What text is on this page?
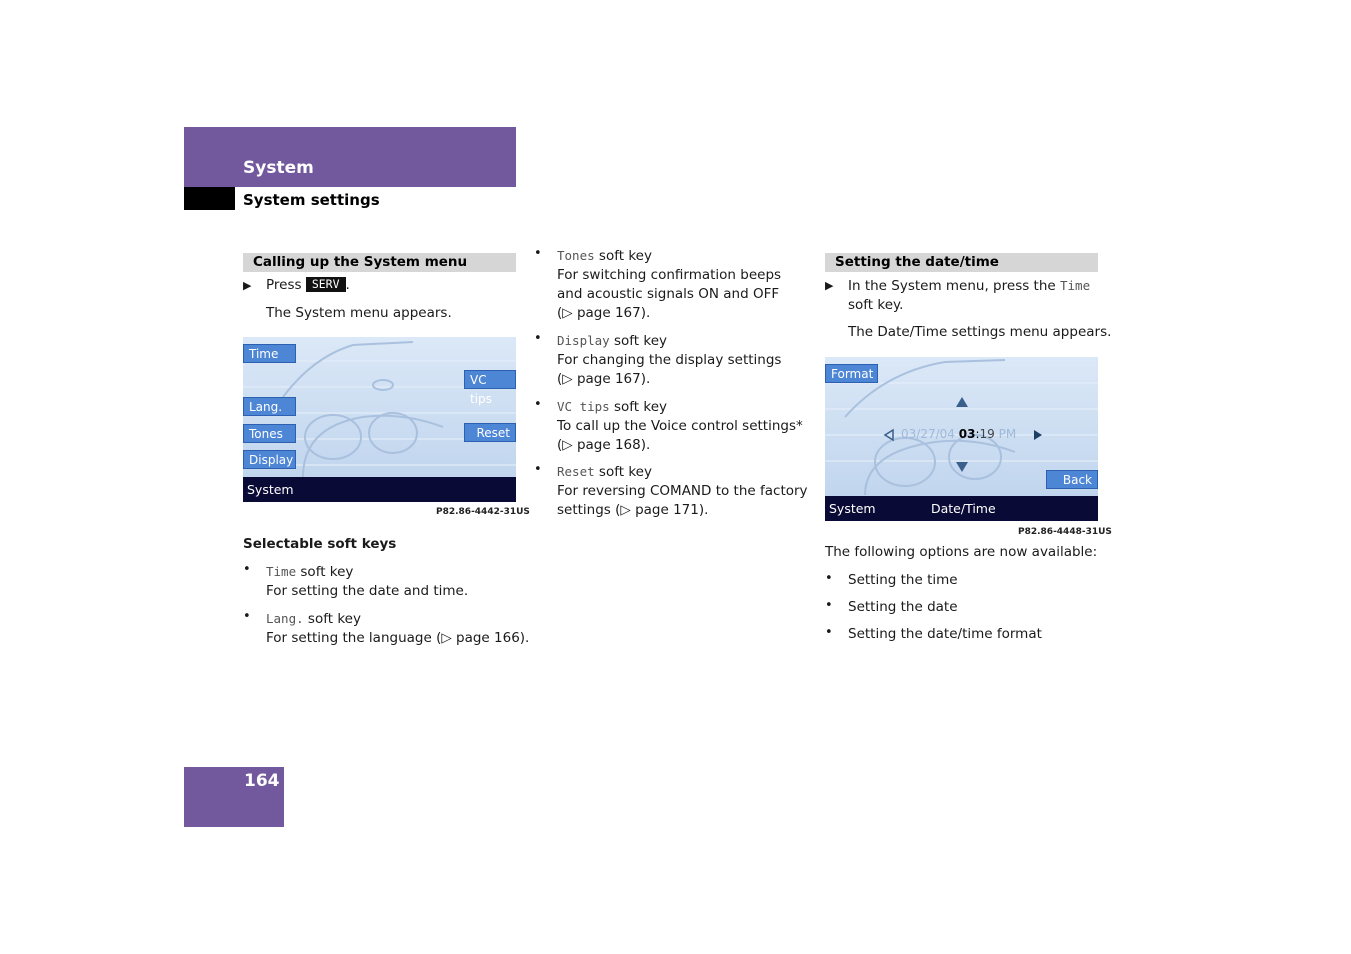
System
System settings
Calling up the System menu
▶ Press SERV .
The System menu appears.
Time
Lang.
Tones
Display
VC tips
Reset
System
P82.86-4442-31US
Selectable soft keys
• Time soft key
For setting the date and time.
• Lang. soft key
For setting the language (▷ page 166).
• Tones soft key
For switching confirmation beeps
and acoustic signals ON and OFF
(▷ page 167).
• Display soft key
For changing the display settings
(▷ page 167).
• VC tips soft key
To call up the Voice control settings*
(▷ page 168).
• Reset soft key
For reversing COMAND to the factory
settings (▷ page 171).
Setting the date/time
▶ In the System menu, press the Time
soft key.
The Date/Time settings menu appears.
Format
Back
03/27/04 03:19 PM
System	Date/Time
P82.86-4448-31US
The following options are now available:
• Setting the time
• Setting the date
• Setting the date/time format
164
